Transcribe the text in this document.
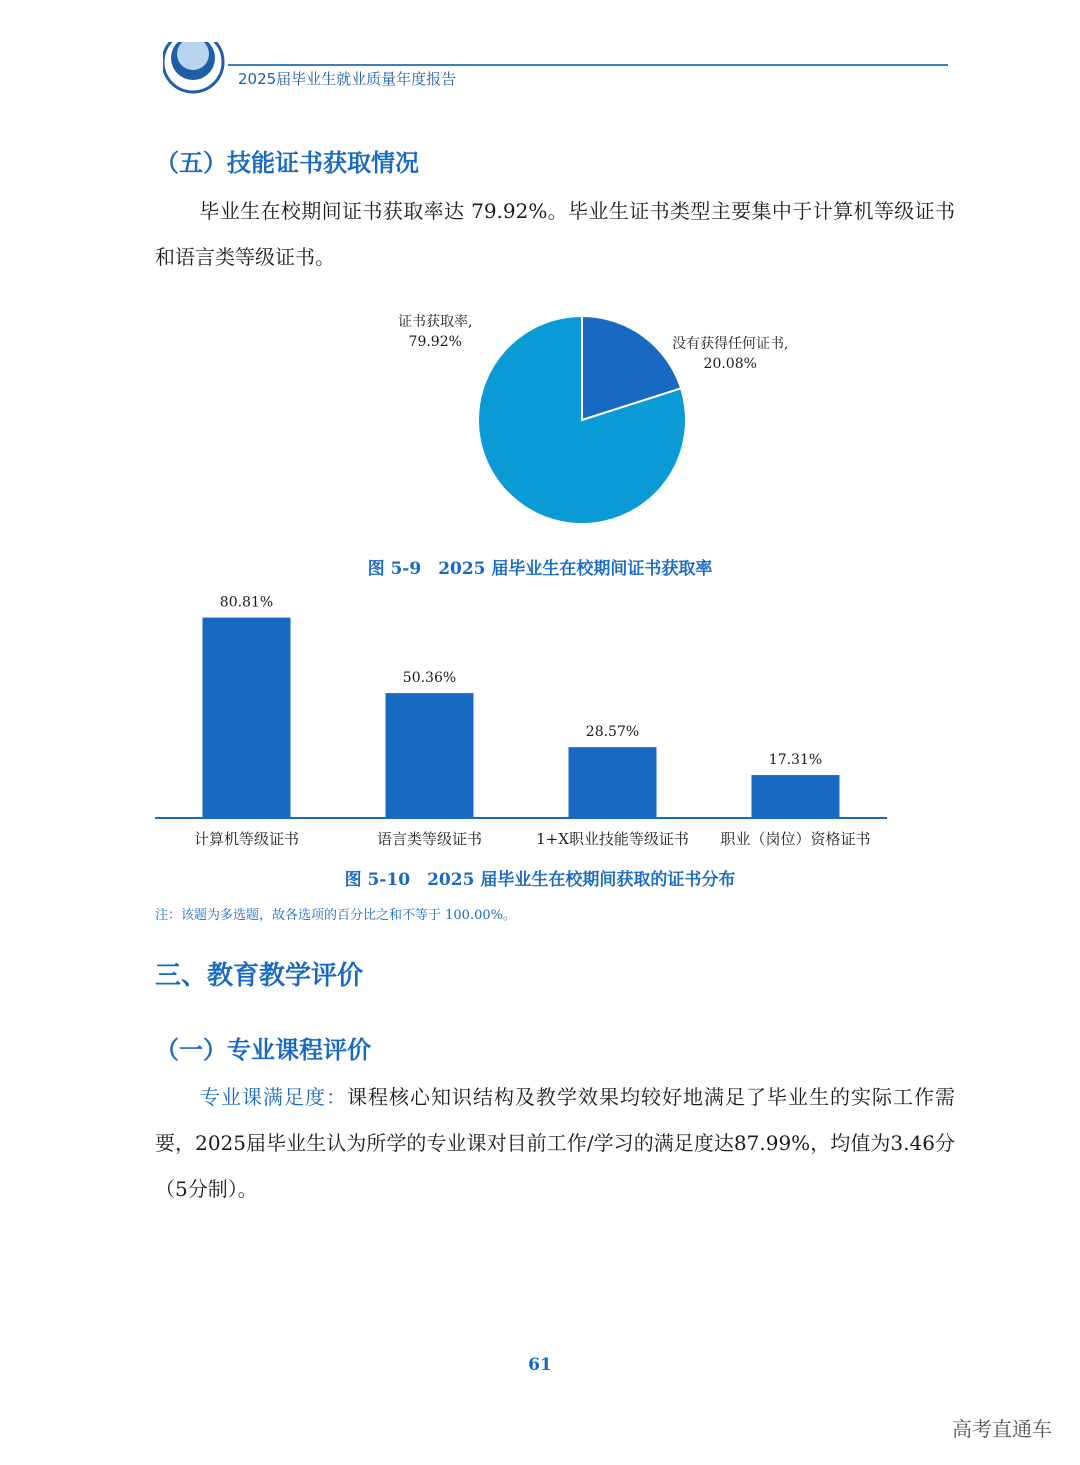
2025届毕业生就业质量年度报告
（五）技能证书获取情况
毕业生在校期间证书获取率达 79.92%。毕业生证书类型主要集中于计算机等级证书和语言类等级证书。
证书获取率,
79.92%	没有获得任何证书,
20.08%
图 5-9　2025 届毕业生在校期间证书获取率
80.81%
计算机等级证书
50.36%
语言类等级证书
28.57%
1+X职业技能等级证书
17.31%
职业（岗位）资格证书
图 5-10　2025 届毕业生在校期间获取的证书分布
注：该题为多选题，故各选项的百分比之和不等于 100.00%。
三、教育教学评价
（一）专业课程评价
专业课满足度：课程核心知识结构及教学效果均较好地满足了毕业生的实际工作需要，2025届毕业生认为所学的专业课对目前工作/学习的满足度达87.99%，均值为3.46分（5分制）。
61
高考直通车
